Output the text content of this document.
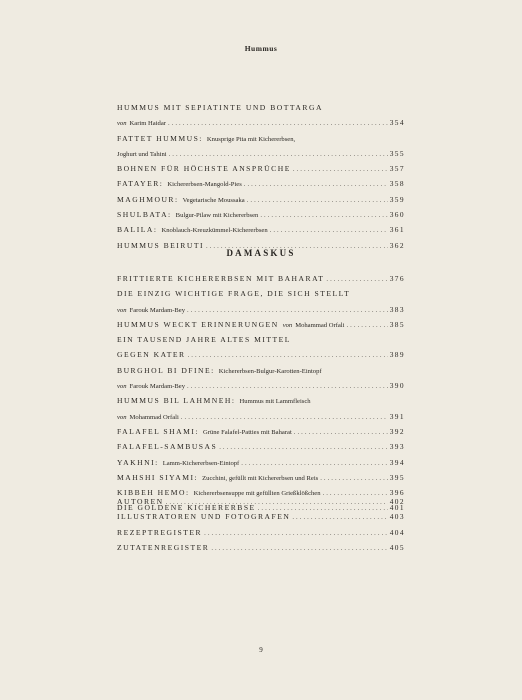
Hummus
HUMMUS MIT SEPIATINTE UND BOTTARGA
von Karim Haidar . . .	354
FATTET HUMMUS: Knusprige Pita mit Kichererbsen,
Joghurt und Tahini . . .	355
BOHNEN FÜR HÖCHSTE ANSPRÜCHE . . .	357
FATAYER: Kichererbsen-Mangold-Pies . . .	358
MAGHMOUR: Vegetarische Moussaka . . .	359
SHULBATA: Bulgur-Pilaw mit Kichererbsen . . .	360
BALILA: Knoblauch-Kreuzkümmel-Kichererbsen . . .	361
HUMMUS BEIRUTI . . .	362
DAMASKUS
FRITTIERTE KICHERERBSEN MIT BAHARAT . . .	376
DIE EINZIG WICHTIGE FRAGE, DIE SICH STELLT
von Farouk Mardam-Bey . . .	383
HUMMUS WECKT ERINNERUNGEN von Mohammad Orfali . . .	385
EIN TAUSEND JAHRE ALTES MITTEL
GEGEN KATER . . .	389
BURGHOL BI DFINE: Kichererbsen-Bulgur-Karotten-Eintopf
von Farouk Mardam-Bey . . .	390
HUMMUS BIL LAHMNEH: Hummus mit Lammfleisch
von Mohammad Orfali . . .	391
FALAFEL SHAMI: Grüne Falafel-Patties mit Baharat . . .	392
FALAFEL-SAMBUSAS . . .	393
YAKHNI: Lamm-Kichererbsen-Eintopf . . .	394
MAHSHI SIYAMI: Zucchini, gefüllt mit Kichererbsen und Reis . . .	395
KIBBEH HEMO: Kichererbsensuppe mit gefüllten Grießklößchen . . .	396
DIE GOLDENE KICHERERBSE . . .	401
AUTOREN . . .	402
ILLUSTRATOREN UND FOTOGRAFEN . . .	403
REZEPTREGISTER . . .	404
ZUTATENREGISTER . . .	405
9
